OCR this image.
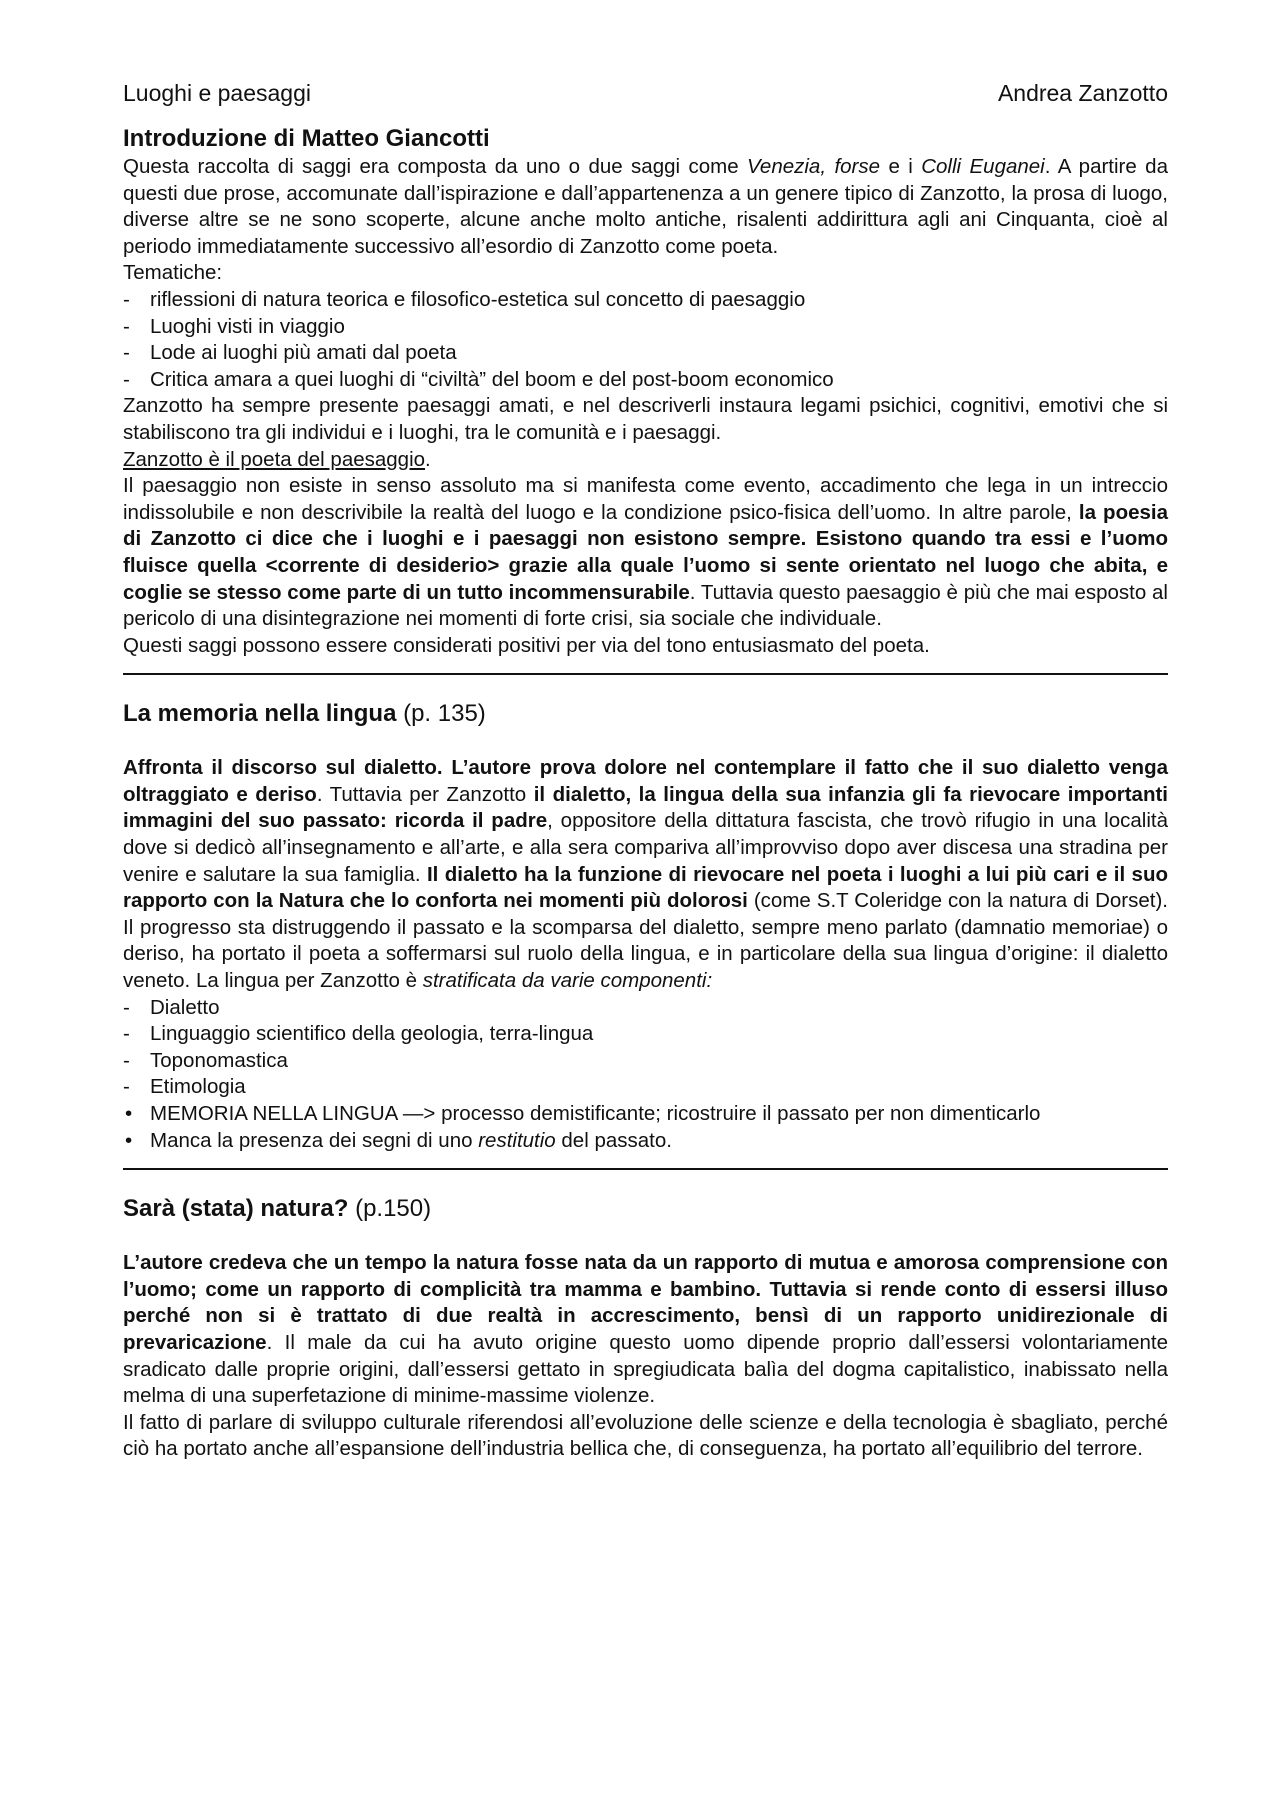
Luoghi e paesaggi	Andrea Zanzotto
Introduzione di Matteo Giancotti

Questa raccolta di saggi era composta da uno o due saggi come Venezia, forse e i Colli Euganei. A partire da questi due prose, accomunate dall’ispirazione e dall’appartenenza a un genere tipico di Zanzotto, la prosa di luogo, diverse altre se ne sono scoperte, alcune anche molto antiche, risalenti addirittura agli ani Cinquanta, cioè al periodo immediatamente successivo all’esordio di Zanzotto come poeta.

Tematiche:
- riflessioni di natura teorica e filosofico-estetica sul concetto di paesaggio
- Luoghi visti in viaggio
- Lode ai luoghi più amati dal poeta
- Critica amara a quei luoghi di “civiltà” del boom e del post-boom economico

Zanzotto ha sempre presente paesaggi amati, e nel descriverli instaura legami psichici, cognitivi, emotivi che si stabiliscono tra gli individui e i luoghi, tra le comunità e i paesaggi.

Zanzotto è il poeta del paesaggio.

Il paesaggio non esiste in senso assoluto ma si manifesta come evento, accadimento che lega in un intreccio indissolubile e non descrivibile la realtà del luogo e la condizione psico-fisica dell’uomo. In altre parole, la poesia di Zanzotto ci dice che i luoghi e i paesaggi non esistono sempre. Esistono quando tra essi e l’uomo fluisce quella <corrente di desiderio> grazie alla quale l’uomo si sente orientato nel luogo che abita, e coglie se stesso come parte di un tutto incommensurabile. Tuttavia questo paesaggio è più che mai esposto al pericolo di una disintegrazione nei momenti di forte crisi, sia sociale che individuale.

Questi saggi possono essere considerati positivi per via del tono entusiasmato del poeta.

La memoria nella lingua (p. 135)

Affronta il discorso sul dialetto. L’autore prova dolore nel contemplare il fatto che il suo dialetto venga oltraggiato e deriso. Tuttavia per Zanzotto il dialetto, la lingua della sua infanzia gli fa rievocare importanti immagini del suo passato: ricorda il padre, oppositore della dittatura fascista, che trovò rifugio in una località dove si dedicò all’insegnamento e all’arte, e alla sera compariva all’improvviso dopo aver discesa una stradina per venire e salutare la sua famiglia. Il dialetto ha la funzione di rievocare nel poeta i luoghi a lui più cari e il suo rapporto con la Natura che lo conforta nei momenti più dolorosi (come S.T Coleridge con la natura di Dorset). Il progresso sta distruggendo il passato e la scomparsa del dialetto, sempre meno parlato (damnatio memoriae) o deriso, ha portato il poeta a soffermarsi sul ruolo della lingua, e in particolare della sua lingua d’origine: il dialetto veneto. La lingua per Zanzotto è stratificata da varie componenti:

- Dialetto
- Linguaggio scientifico della geologia, terra-lingua
- Toponomastica
- Etimologia
• MEMORIA NELLA LINGUA —> processo demistificante; ricostruire il passato per non dimenticarlo
• Manca la presenza dei segni di uno restitutio del passato.
Sarà (stata) natura? (p.150)

L’autore credeva che un tempo la natura fosse nata da un rapporto di mutua e amorosa comprensione con l’uomo; come un rapporto di complicità tra mamma e bambino. Tuttavia si rende conto di essersi illuso perché non si è trattato di due realtà in accrescimento, bensì di un rapporto unidirezionale di prevaricazione. Il male da cui ha avuto origine questo uomo dipende proprio dall’essersi volontariamente sradicato dalle proprie origini, dall’essersi gettato in spregiudicata balìa del dogma capitalistico, inabissato nella melma di una superfetazione di minime-massime violenze.

Il fatto di parlare di sviluppo culturale riferendosi all’evoluzione delle scienze e della tecnologia è sbagliato, perché ciò ha portato anche all’espansione dell’industria bellica che, di conseguenza, ha portato all’equilibrio del terrore.
